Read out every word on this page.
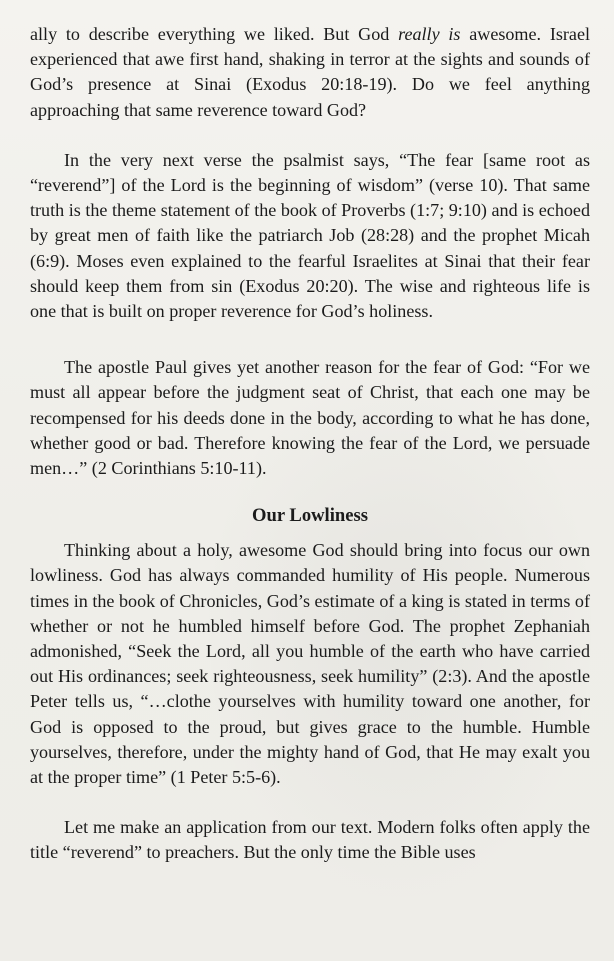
ally to describe everything we liked. But God really is awesome. Israel experienced that awe first hand, shaking in terror at the sights and sounds of God’s presence at Sinai (Exodus 20:18-19). Do we feel anything approaching that same reverence toward God?

In the very next verse the psalmist says, “The fear [same root as “reverend”] of the Lord is the beginning of wisdom” (verse 10). That same truth is the theme statement of the book of Proverbs (1:7; 9:10) and is echoed by great men of faith like the patriarch Job (28:28) and the prophet Micah (6:9). Moses even explained to the fearful Israelites at Sinai that their fear should keep them from sin (Exodus 20:20). The wise and righteous life is one that is built on proper reverence for God’s holiness.

The apostle Paul gives yet another reason for the fear of God: “For we must all appear before the judgment seat of Christ, that each one may be recompensed for his deeds done in the body, according to what he has done, whether good or bad. Therefore knowing the fear of the Lord, we persuade men…” (2 Corinthians 5:10-11).

Our Lowliness

Thinking about a holy, awesome God should bring into focus our own lowliness. God has always commanded humility of His people. Numerous times in the book of Chronicles, God’s estimate of a king is stated in terms of whether or not he humbled himself before God. The prophet Zephaniah admonished, “Seek the Lord, all you humble of the earth who have carried out His ordinances; seek righteousness, seek humility” (2:3). And the apostle Peter tells us, “…clothe yourselves with humility toward one another, for God is opposed to the proud, but gives grace to the humble. Humble yourselves, therefore, under the mighty hand of God, that He may exalt you at the proper time” (1 Peter 5:5-6).

Let me make an application from our text. Modern folks often apply the title “reverend” to preachers. But the only time the Bible uses
